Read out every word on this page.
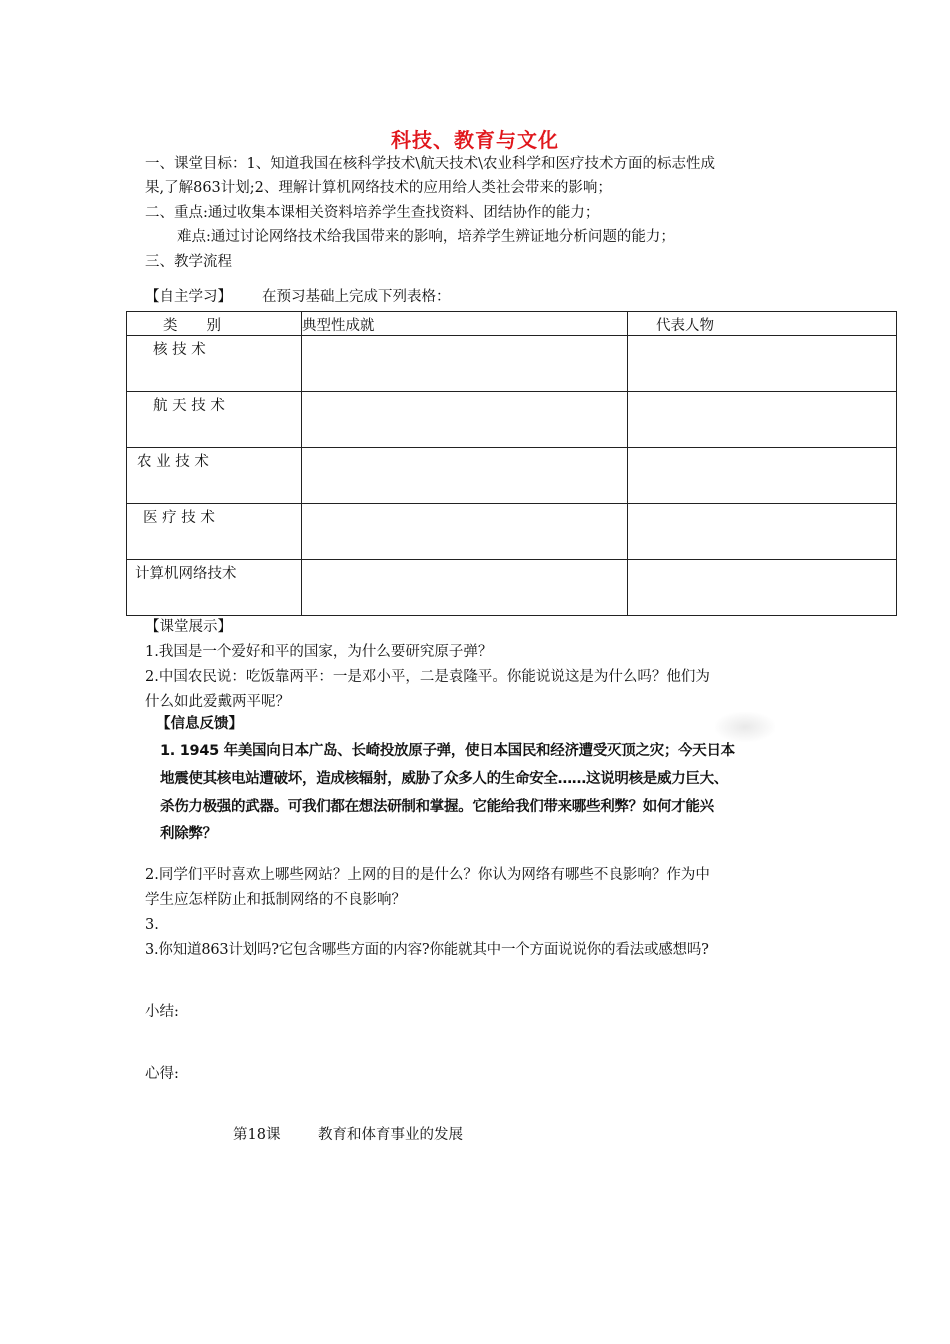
科技、教育与文化
一、课堂目标：1、知道我国在核科学技术\航天技术\农业科学和医疗技术方面的标志性成
果,了解863计划;2、理解计算机网络技术的应用给人类社会带来的影响；
二、重点:通过收集本课相关资料培养学生查找资料、团结协作的能力；
难点:通过讨论网络技术给我国带来的影响，培养学生辨证地分析问题的能力；
三、教学流程
【自主学习】 在预习基础上完成下列表格：
类　　别	典型性成就	代表人物
核 技 术		
航 天 技 术		
农 业 技 术		
医 疗 技 术		
计算机网络技术		
【课堂展示】
1.我国是一个爱好和平的国家，为什么要研究原子弹？
2.中国农民说：吃饭靠两平：一是邓小平，二是袁隆平。你能说说这是为什么吗？他们为
什么如此爱戴两平呢？
【信息反馈】
1. 1945 年美国向日本广岛、长崎投放原子弹，使日本国民和经济遭受灭顶之灾；今天日本
地震使其核电站遭破坏，造成核辐射，威胁了众多人的生命安全……这说明核是威力巨大、
杀伤力极强的武器。可我们都在想法研制和掌握。它能给我们带来哪些利弊？如何才能兴
利除弊？
2.同学们平时喜欢上哪些网站？上网的目的是什么？你认为网络有哪些不良影响？作为中
学生应怎样防止和抵制网络的不良影响？
3.
3.你知道863计划吗?它包含哪些方面的内容?你能就其中一个方面说说你的看法或感想吗?
小结:
心得:
第18课	教育和体育事业的发展
